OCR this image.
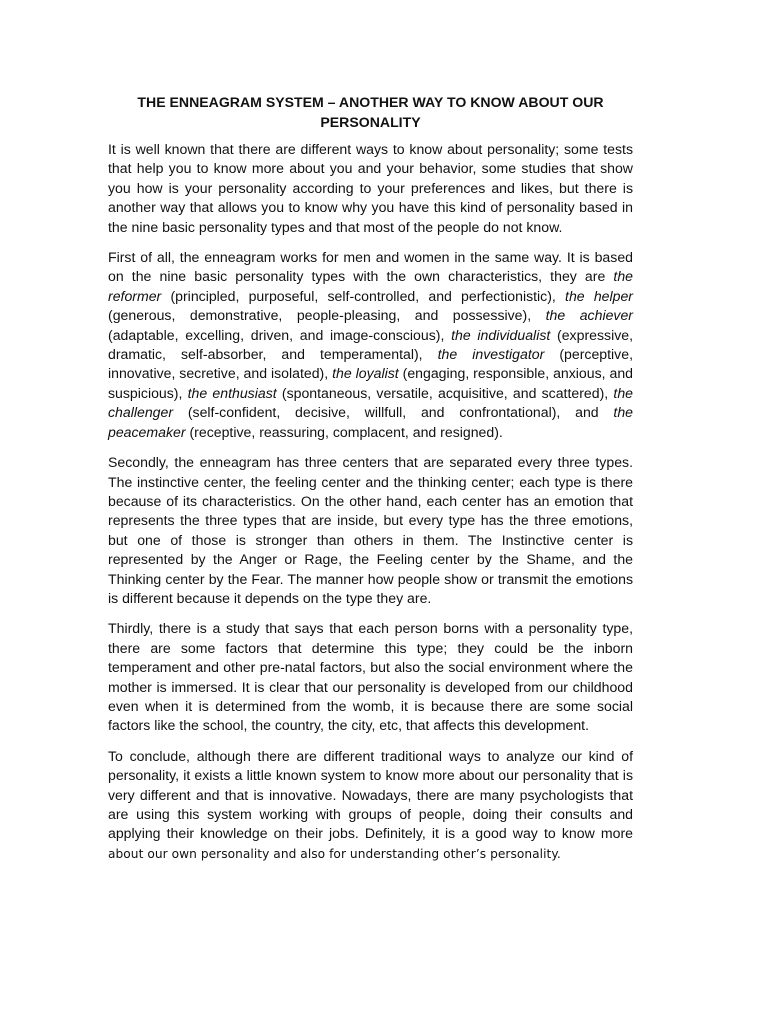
THE ENNEAGRAM SYSTEM – ANOTHER WAY TO KNOW ABOUT OUR PERSONALITY

It is well known that there are different ways to know about personality; some tests that help you to know more about you and your behavior, some studies that show you how is your personality according to your preferences and likes, but there is another way that allows you to know why you have this kind of personality based in the nine basic personality types and that most of the people do not know.

First of all, the enneagram works for men and women in the same way. It is based on the nine basic personality types with the own characteristics, they are the reformer (principled, purposeful, self-controlled, and perfectionistic), the helper (generous, demonstrative, people-pleasing, and possessive), the achiever (adaptable, excelling, driven, and image-conscious), the individualist (expressive, dramatic, self-absorber, and temperamental), the investigator (perceptive, innovative, secretive, and isolated), the loyalist (engaging, responsible, anxious, and suspicious), the enthusiast (spontaneous, versatile, acquisitive, and scattered), the challenger (self-confident, decisive, willfull, and confrontational), and the peacemaker (receptive, reassuring, complacent, and resigned).

Secondly, the enneagram has three centers that are separated every three types. The instinctive center, the feeling center and the thinking center; each type is there because of its characteristics. On the other hand, each center has an emotion that represents the three types that are inside, but every type has the three emotions, but one of those is stronger than others in them. The Instinctive center is represented by the Anger or Rage, the Feeling center by the Shame, and the Thinking center by the Fear. The manner how people show or transmit the emotions is different because it depends on the type they are.

Thirdly, there is a study that says that each person borns with a personality type, there are some factors that determine this type; they could be the inborn temperament and other pre-natal factors, but also the social environment where the mother is immersed. It is clear that our personality is developed from our childhood even when it is determined from the womb, it is because there are some social factors like the school, the country, the city, etc, that affects this development.

To conclude, although there are different traditional ways to analyze our kind of personality, it exists a little known system to know more about our personality that is very different and that is innovative. Nowadays, there are many psychologists that are using this system working with groups of people, doing their consults and applying their knowledge on their jobs. Definitely, it is a good way to know more about our own personality and also for understanding other’s personality.
